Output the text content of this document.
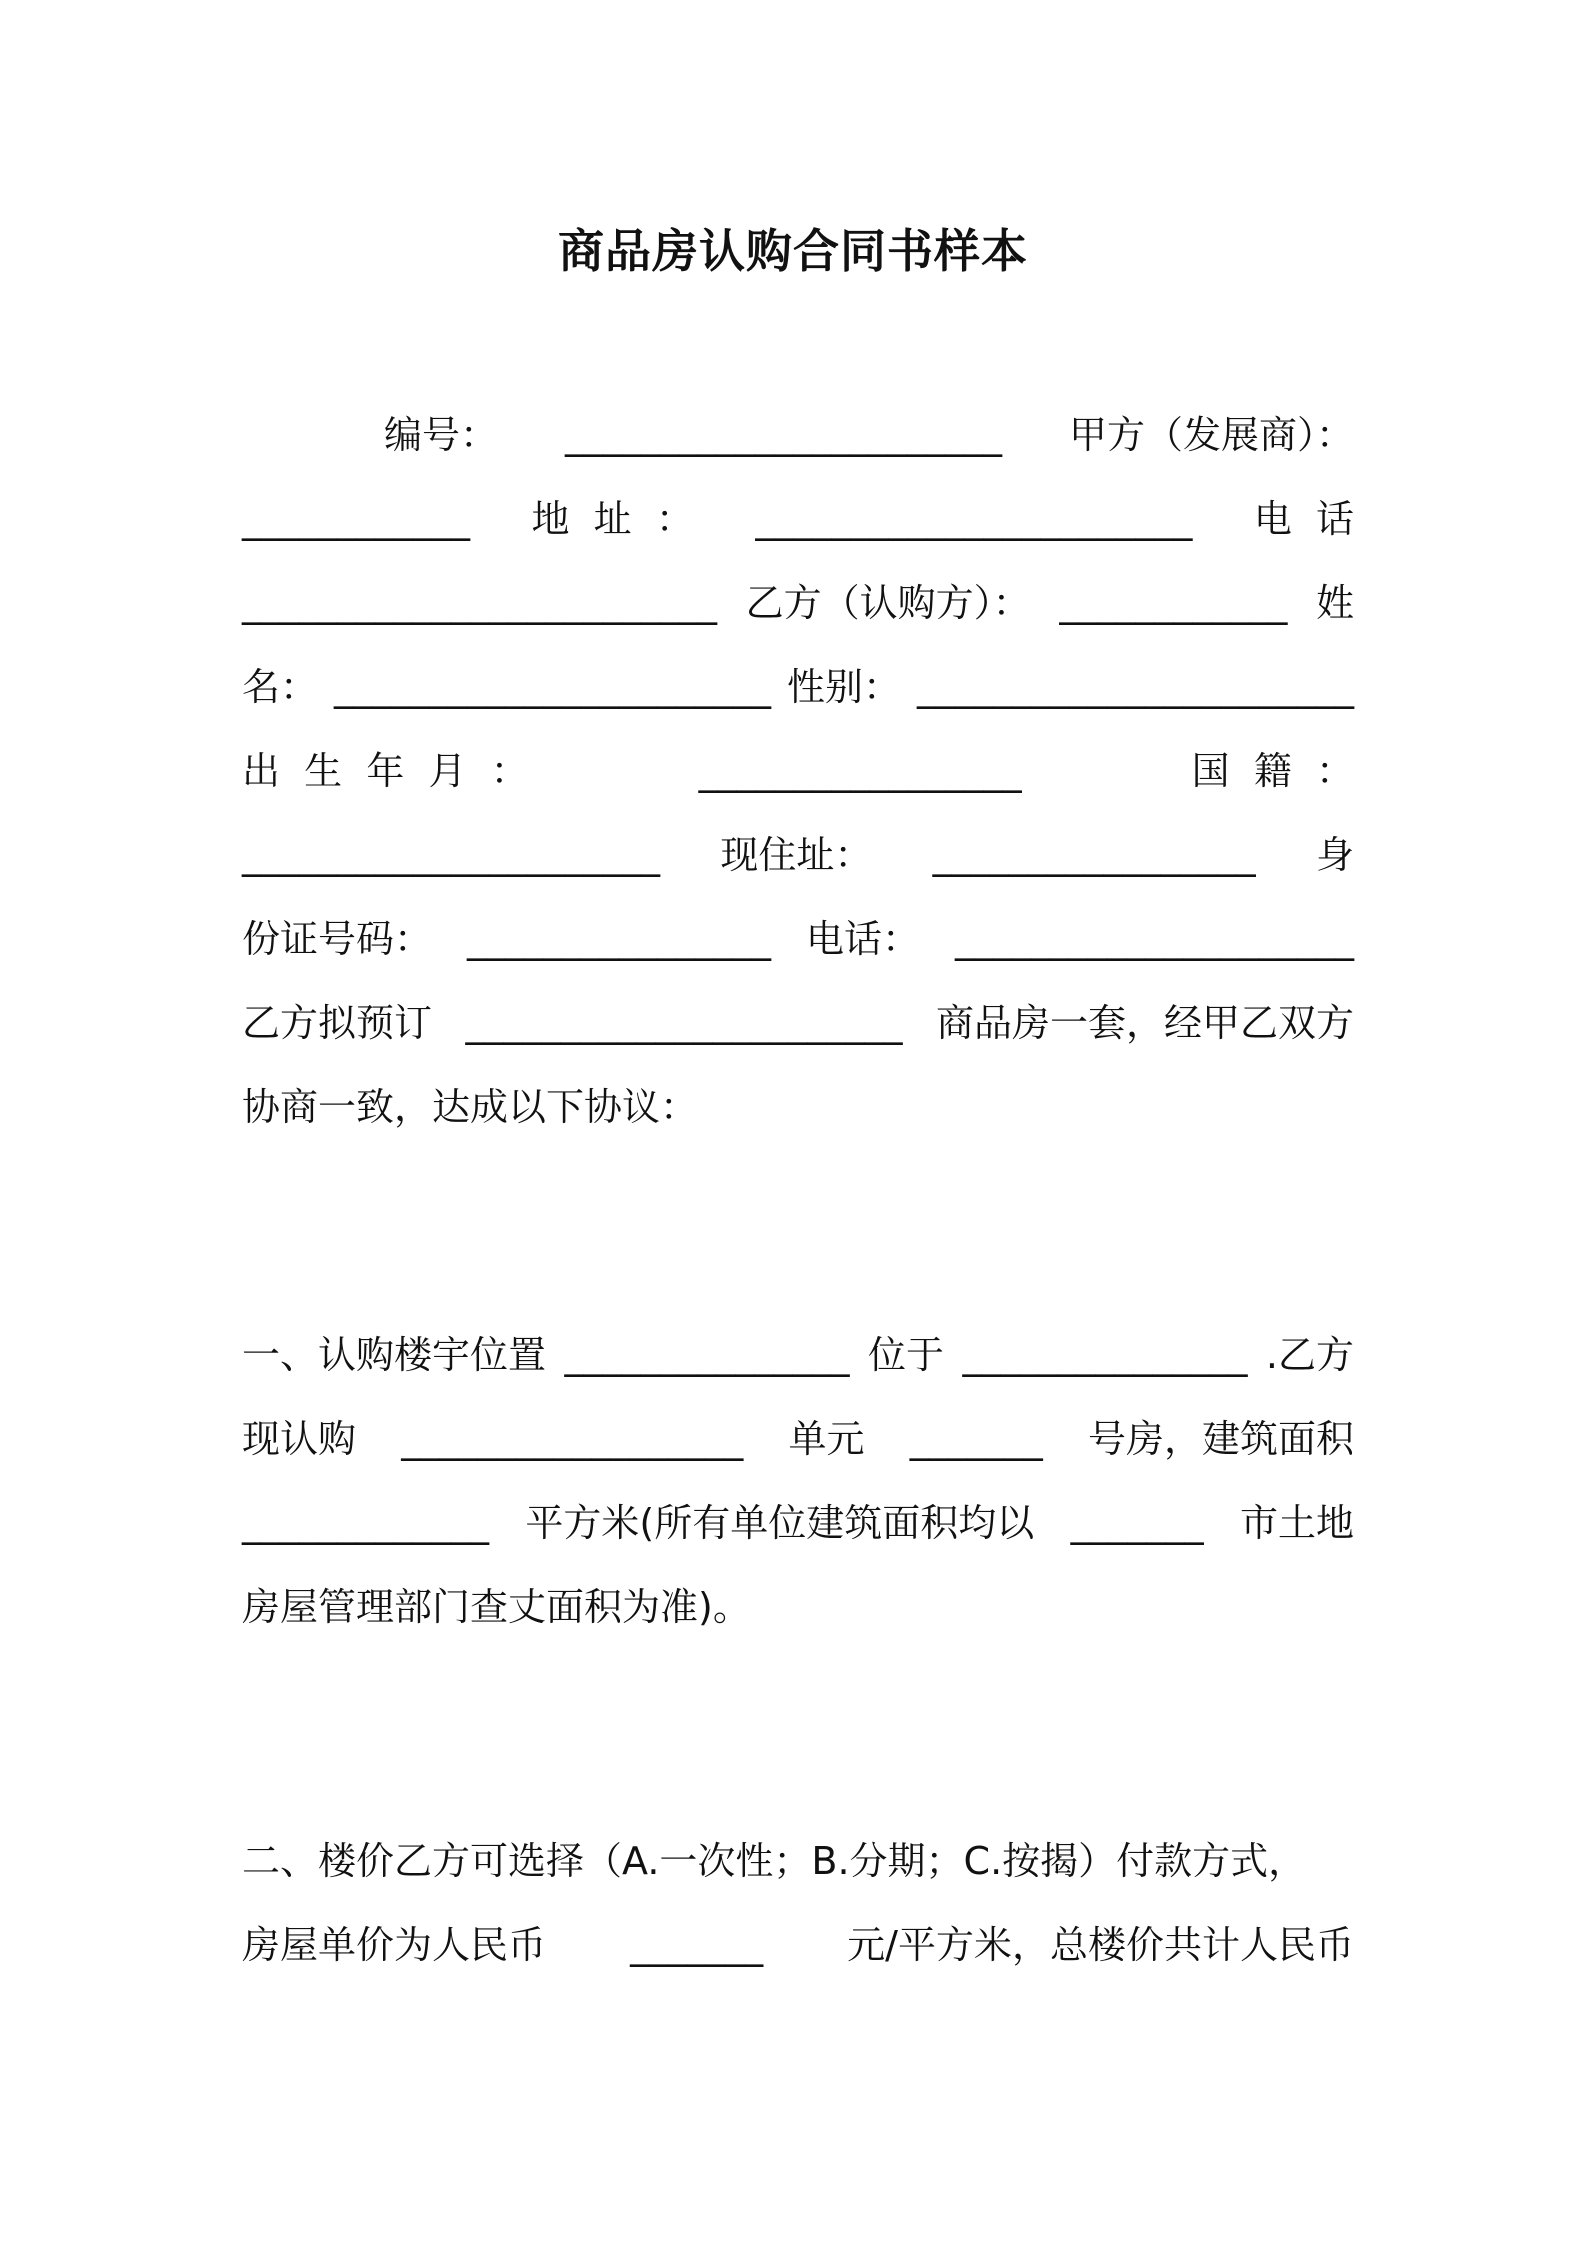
商品房认购合同书样本
编号： _______________________ 甲方（发展商）：
____________ 地  址  ： _______________________ 电  话
_________________________ 乙方（认购方）： ____________ 姓
名： _______________________ 性别： _______________________
出  生  年  月  ：	_________________	国  籍  ：
______________________ 现住址： _________________ 身
份证号码： ________________ 电话： _____________________
乙方拟预订 _______________________ 商品房一套，经甲乙双方
协商一致，达成以下协议：
一、认购楼宇位置 _______________ 位于 _______________ .乙方
现认购 __________________ 单元 _______ 号房，建筑面积
_____________ 平方米(所有单位建筑面积均以 _______ 市土地
房屋管理部门查丈面积为准)。
二、楼价乙方可选择（A.一次性；B.分期；C.按揭）付款方式，
房屋单价为人民币 _______ 元/平方米，总楼价共计人民币
